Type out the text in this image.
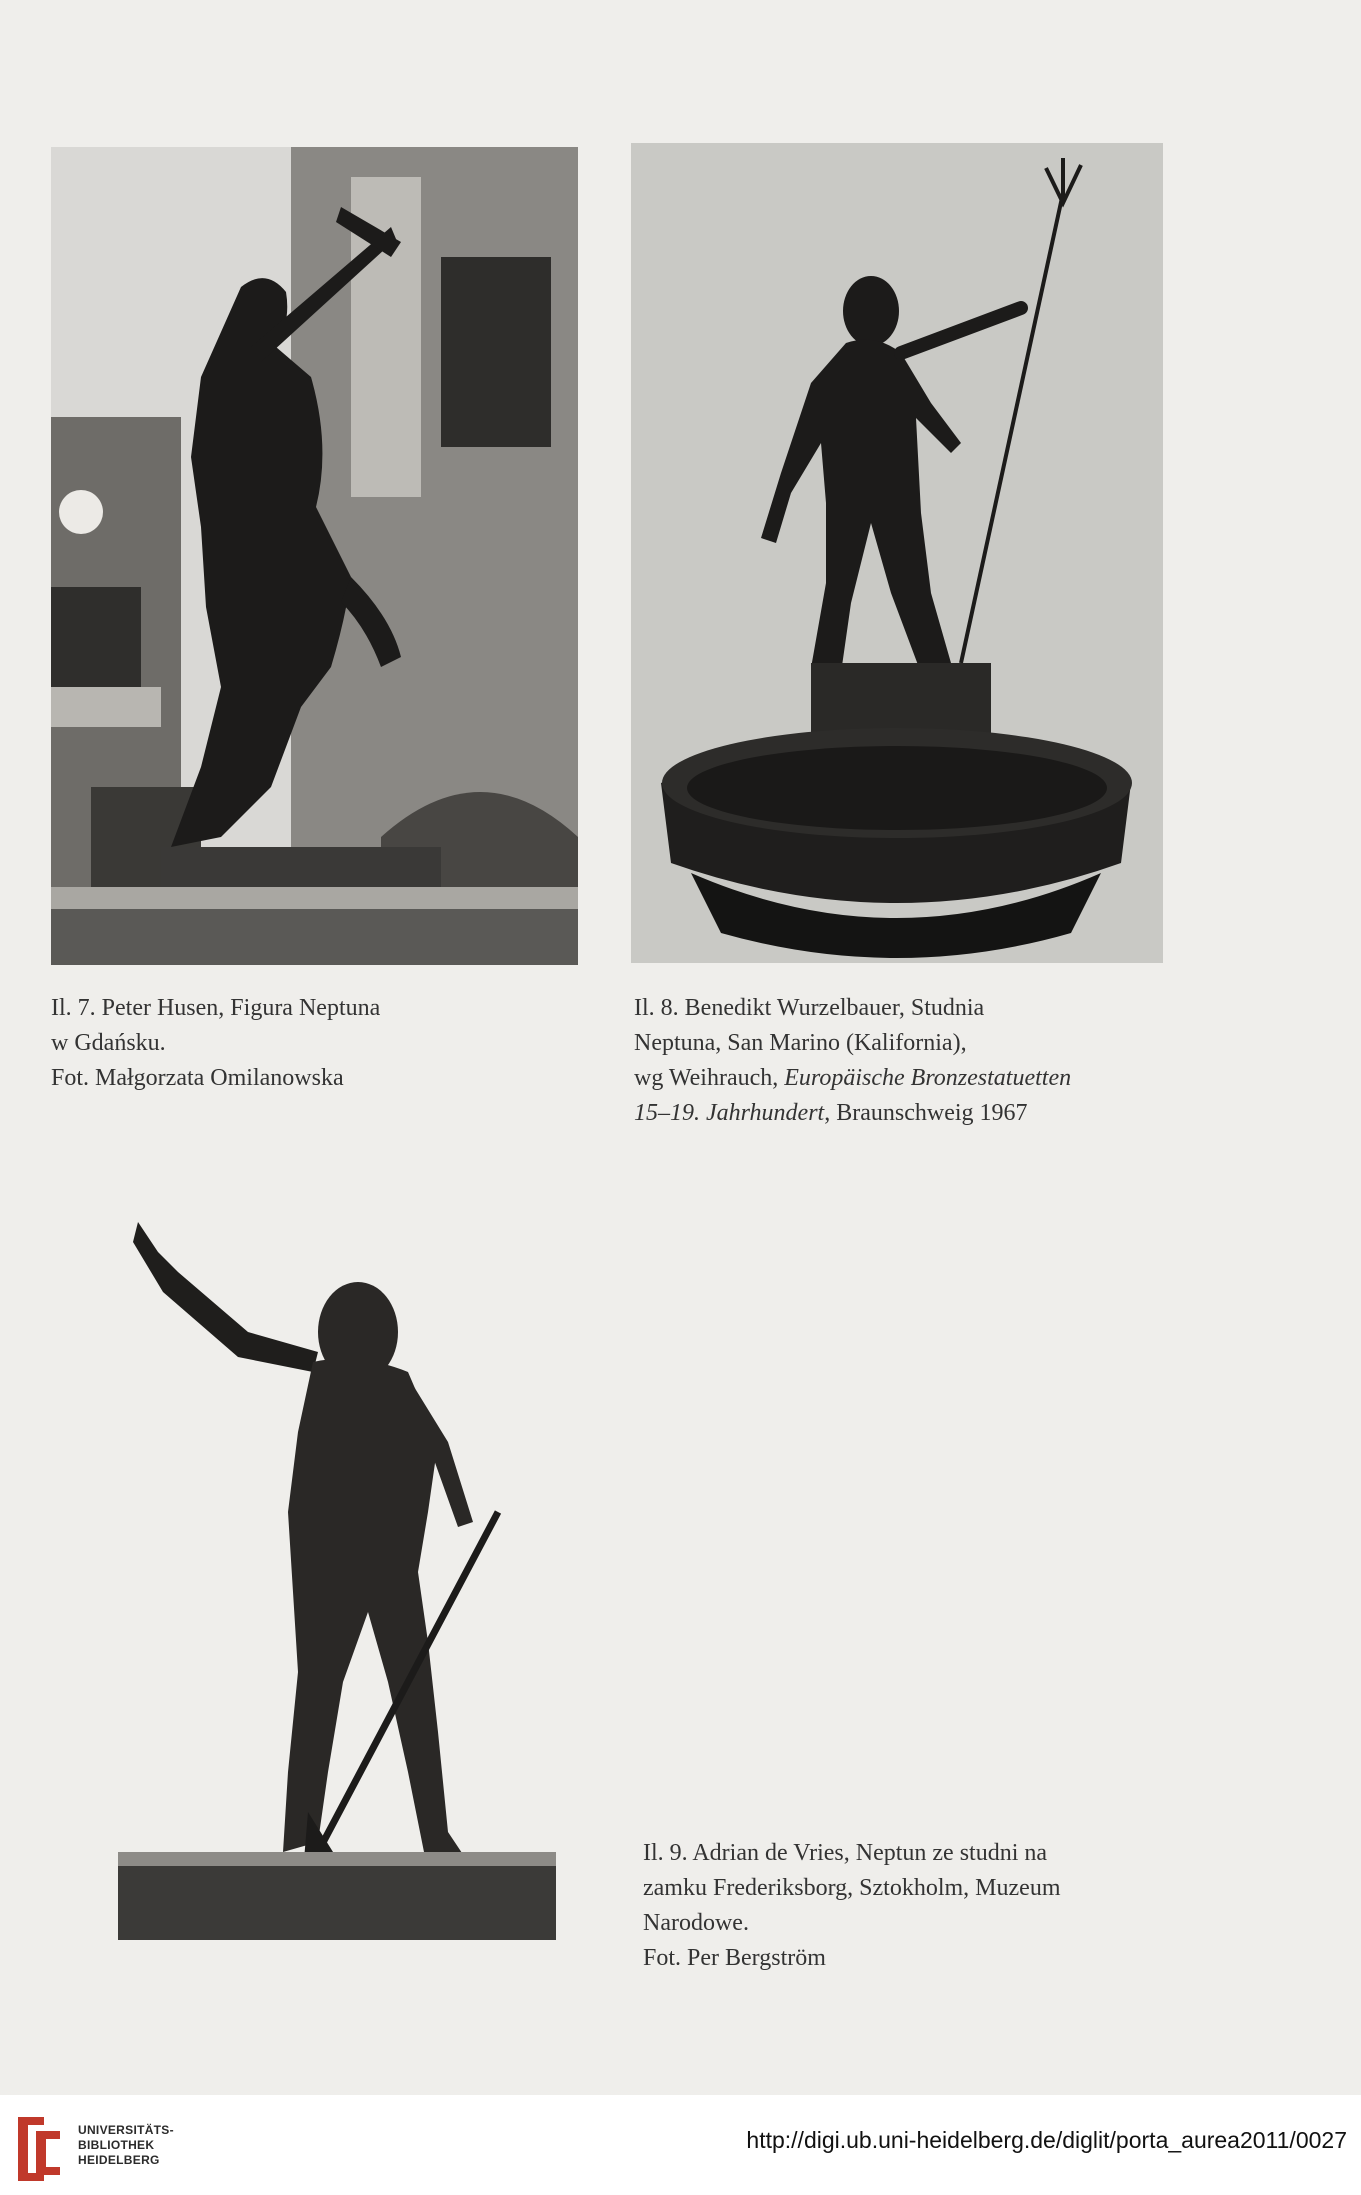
Il. 7. Peter Husen, Figura Neptuna
w Gdańsku.
Fot. Małgorzata Omilanowska
Il. 8. Benedikt Wurzelbauer, Studnia
Neptuna, San Marino (Kalifornia),
wg Weihrauch, Europäische Bronzestatuetten
15–19. Jahrhundert, Braunschweig 1967
Il. 9. Adrian de Vries, Neptun ze studni na
zamku Frederiksborg, Sztokholm, Muzeum
Narodowe.
Fot. Per Bergström
UNIVERSITÄTS-
BIBLIOTHEK
HEIDELBERG
http://digi.ub.uni-heidelberg.de/diglit/porta_aurea2011/0027
